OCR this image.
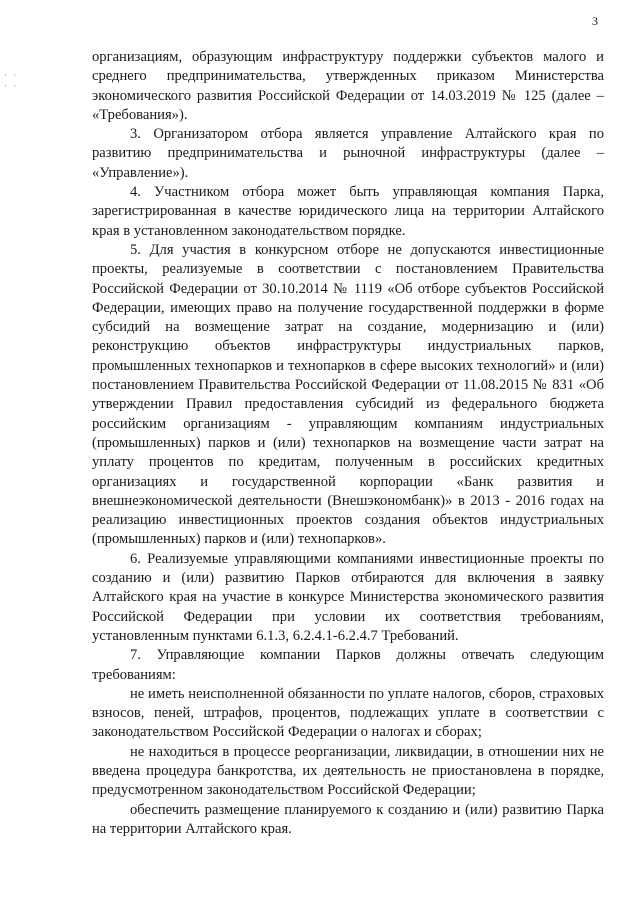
3
· ·
· ·

организациям, образующим инфраструктуру поддержки субъектов малого и среднего предпринимательства, утвержденных приказом Министерства экономического развития Российской Федерации от 14.03.2019 № 125 (далее – «Требования»).

3. Организатором отбора является управление Алтайского края по развитию предпринимательства и рыночной инфраструктуры (далее – «Управление»).

4. Участником отбора может быть управляющая компания Парка, зарегистрированная в качестве юридического лица на территории Алтайского края в установленном законодательством порядке.

5. Для участия в конкурсном отборе не допускаются инвестиционные проекты, реализуемые в соответствии с постановлением Правительства Российской Федерации от 30.10.2014 № 1119 «Об отборе субъектов Российской Федерации, имеющих право на получение государственной поддержки в форме субсидий на возмещение затрат на создание, модернизацию и (или) реконструкцию объектов инфраструктуры индустриальных парков, промышленных технопарков и технопарков в сфере высоких технологий» и (или) постановлением Правительства Российской Федерации от 11.08.2015 № 831 «Об утверждении Правил предоставления субсидий из федерального бюджета российским организациям - управляющим компаниям индустриальных (промышленных) парков и (или) технопарков на возмещение части затрат на уплату процентов по кредитам, полученным в российских кредитных организациях и государственной корпорации «Банк развития и внешнеэкономической деятельности (Внешэкономбанк)» в 2013 - 2016 годах на реализацию инвестиционных проектов создания объектов индустриальных (промышленных) парков и (или) технопарков».

6. Реализуемые управляющими компаниями инвестиционные проекты по созданию и (или) развитию Парков отбираются для включения в заявку Алтайского края на участие в конкурсе Министерства экономического развития Российской Федерации при условии их соответствия требованиям, установленным пунктами 6.1.3, 6.2.4.1-6.2.4.7 Требований.

7. Управляющие компании Парков должны отвечать следующим требованиям:

не иметь неисполненной обязанности по уплате налогов, сборов, страховых взносов, пеней, штрафов, процентов, подлежащих уплате в соответствии с законодательством Российской Федерации о налогах и сборах;

не находиться в процессе реорганизации, ликвидации, в отношении них не введена процедура банкротства, их деятельность не приостановлена в порядке, предусмотренном законодательством Российской Федерации;

обеспечить размещение планируемого к созданию и (или) развитию Парка на территории Алтайского края.
